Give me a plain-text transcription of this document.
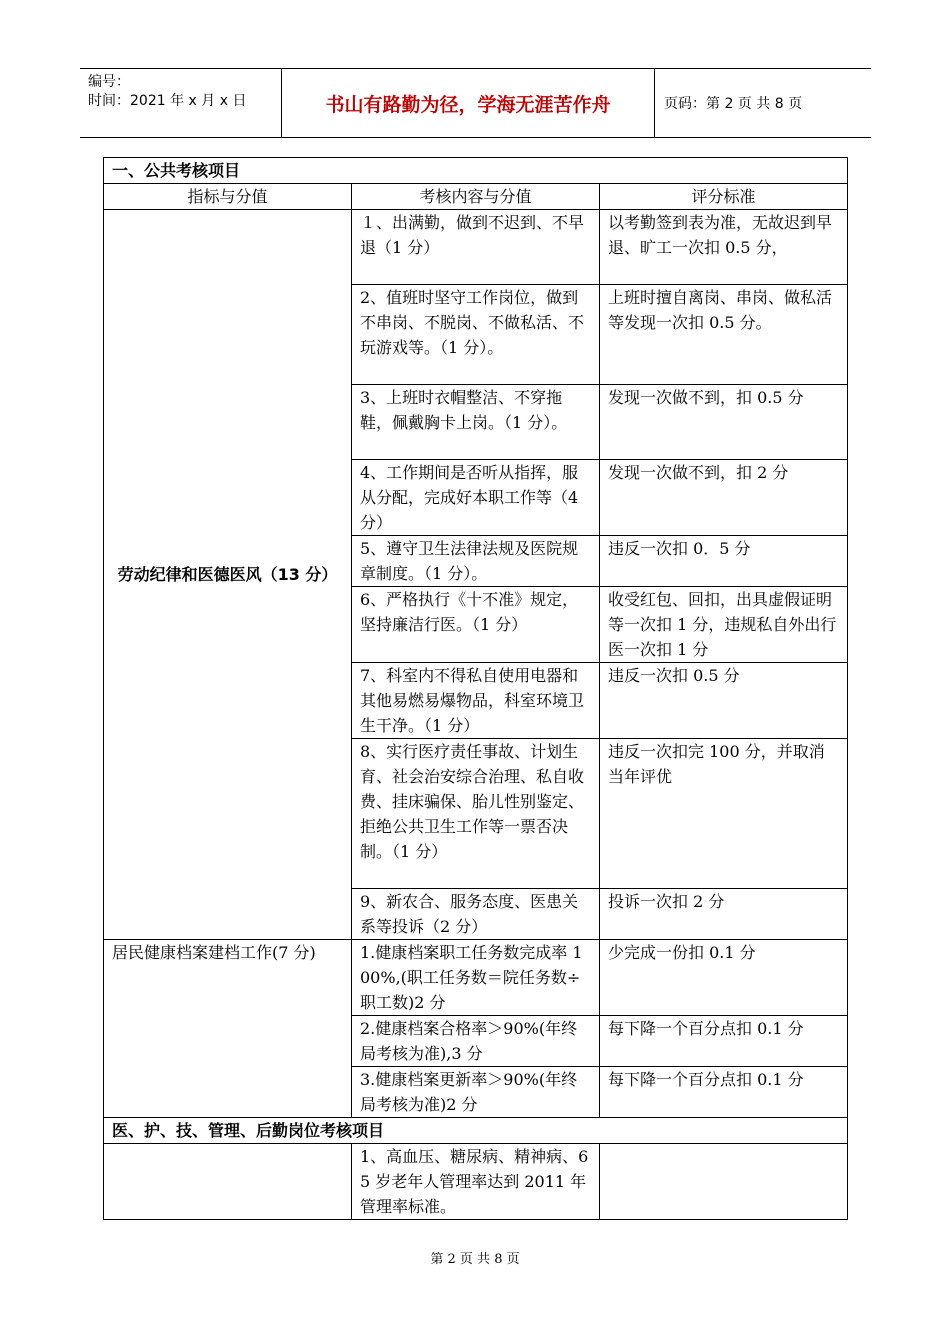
编号：
时间：2021 年 x 月 x 日	书山有路勤为径，学海无涯苦作舟	页码：第 2 页 共 8 页
一、公共考核项目		
指标与分值	考核内容与分值	评分标准
劳动纪律和医德医风（13 分）	１、出满勤，做到不迟到、不早退（1 分）	以考勤签到表为准，无故迟到早退、旷工一次扣 0.5 分，
	2、值班时坚守工作岗位，做到不串岗、不脱岗、不做私活、不玩游戏等。（1 分）。	上班时擅自离岗、串岗、做私活等发现一次扣 0.5 分。
	3、上班时衣帽整洁、不穿拖鞋，佩戴胸卡上岗。（1 分）。	发现一次做不到，扣 0.5 分
	4、工作期间是否听从指挥，服从分配，完成好本职工作等（4 分）	发现一次做不到，扣 2 分
	5、遵守卫生法律法规及医院规章制度。（1 分）。	违反一次扣 0．5 分
	6、严格执行《十不准》规定，坚持廉洁行医。（1 分）	收受红包、回扣，出具虚假证明等一次扣 1 分，违规私自外出行医一次扣 1 分
	7、科室内不得私自使用电器和其他易燃易爆物品，科室环境卫生干净。（1 分）	违反一次扣 0.5 分
	8、实行医疗责任事故、计划生育、社会治安综合治理、私自收费、挂床骗保、胎儿性别鉴定、拒绝公共卫生工作等一票否决制。（1 分）	违反一次扣完 100 分，并取消当年评优
	9、新农合、服务态度、医患关系等投诉（2 分）	投诉一次扣 2 分
居民健康档案建档工作(7 分)	1.健康档案职工任务数完成率 100%,(职工任务数＝院任务数÷职工数)2 分	少完成一份扣 0.1 分
	2.健康档案合格率＞90%(年终局考核为准),3 分	每下降一个百分点扣 0.1 分
	3.健康档案更新率＞90%(年终局考核为准)2 分	每下降一个百分点扣 0.1 分
医、护、技、管理、后勤岗位考核项目		
	1、高血压、糖尿病、精神病、65 岁老年人管理率达到 2011 年管理率标准。	
第 2 页 共 8 页
